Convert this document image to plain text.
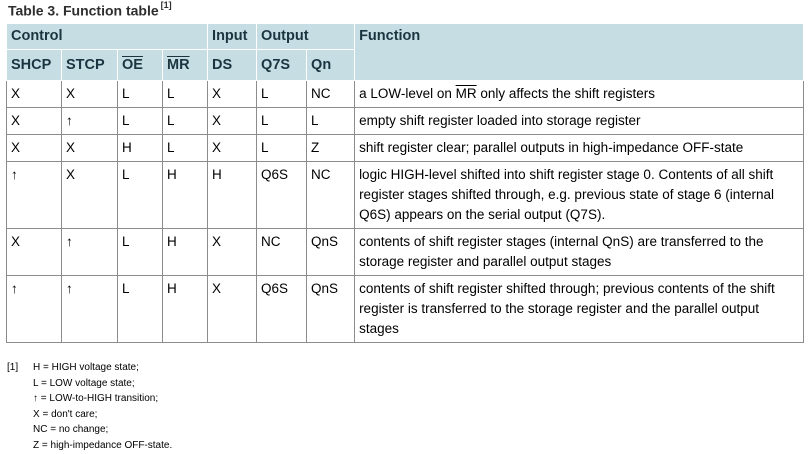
Table 3. Function table [1]
Control				Input	Output		Function
SHCP	STCP	$\overline{OE}$	$\overline{MR}$	DS	Q7S	Qn	
X	X	L	L	X	L	NC	a LOW-level on $\overline{MR}$ only affects the shift registers
X	↑	L	L	X	L	L	empty shift register loaded into storage register
X	X	H	L	X	L	Z	shift register clear; parallel outputs in high-impedance OFF-state
↑	X	L	H	H	Q6S	NC	logic HIGH-level shifted into shift register stage 0. Contents of all shift register stages shifted through, e.g. previous state of stage 6 (internal Q6S) appears on the serial output (Q7S).
X	↑	L	H	X	NC	QnS	contents of shift register stages (internal QnS) are transferred to the storage register and parallel output stages
↑	↑	L	H	X	Q6S	QnS	contents of shift register shifted through; previous contents of the shift register is transferred to the storage register and the parallel output stages
[1] H = HIGH voltage state;
L = LOW voltage state;
↑ = LOW-to-HIGH transition;
X = don't care;
NC = no change;
Z = high-impedance OFF-state.
